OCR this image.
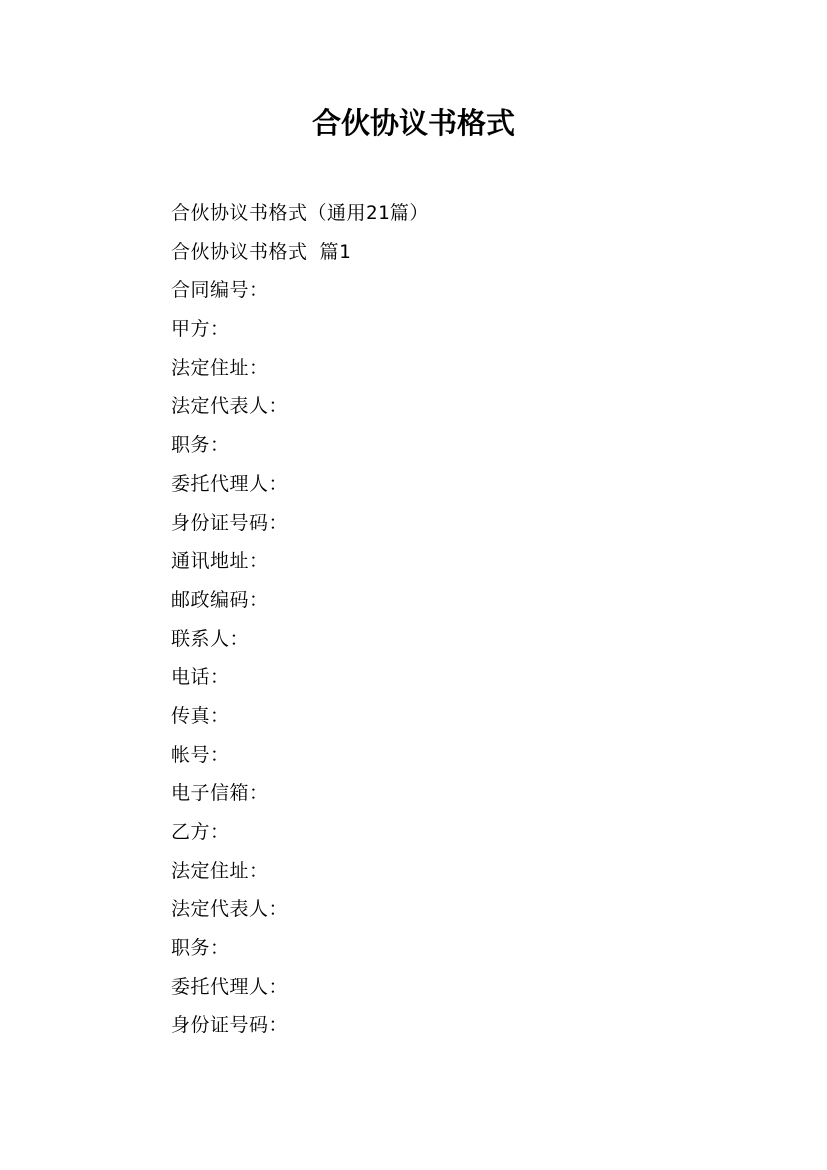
合伙协议书格式
合伙协议书格式（通用21篇）
合伙协议书格式 篇1
合同编号：
甲方：
法定住址：
法定代表人：
职务：
委托代理人：
身份证号码：
通讯地址：
邮政编码：
联系人：
电话：
传真：
帐号：
电子信箱：
乙方：
法定住址：
法定代表人：
职务：
委托代理人：
身份证号码：
